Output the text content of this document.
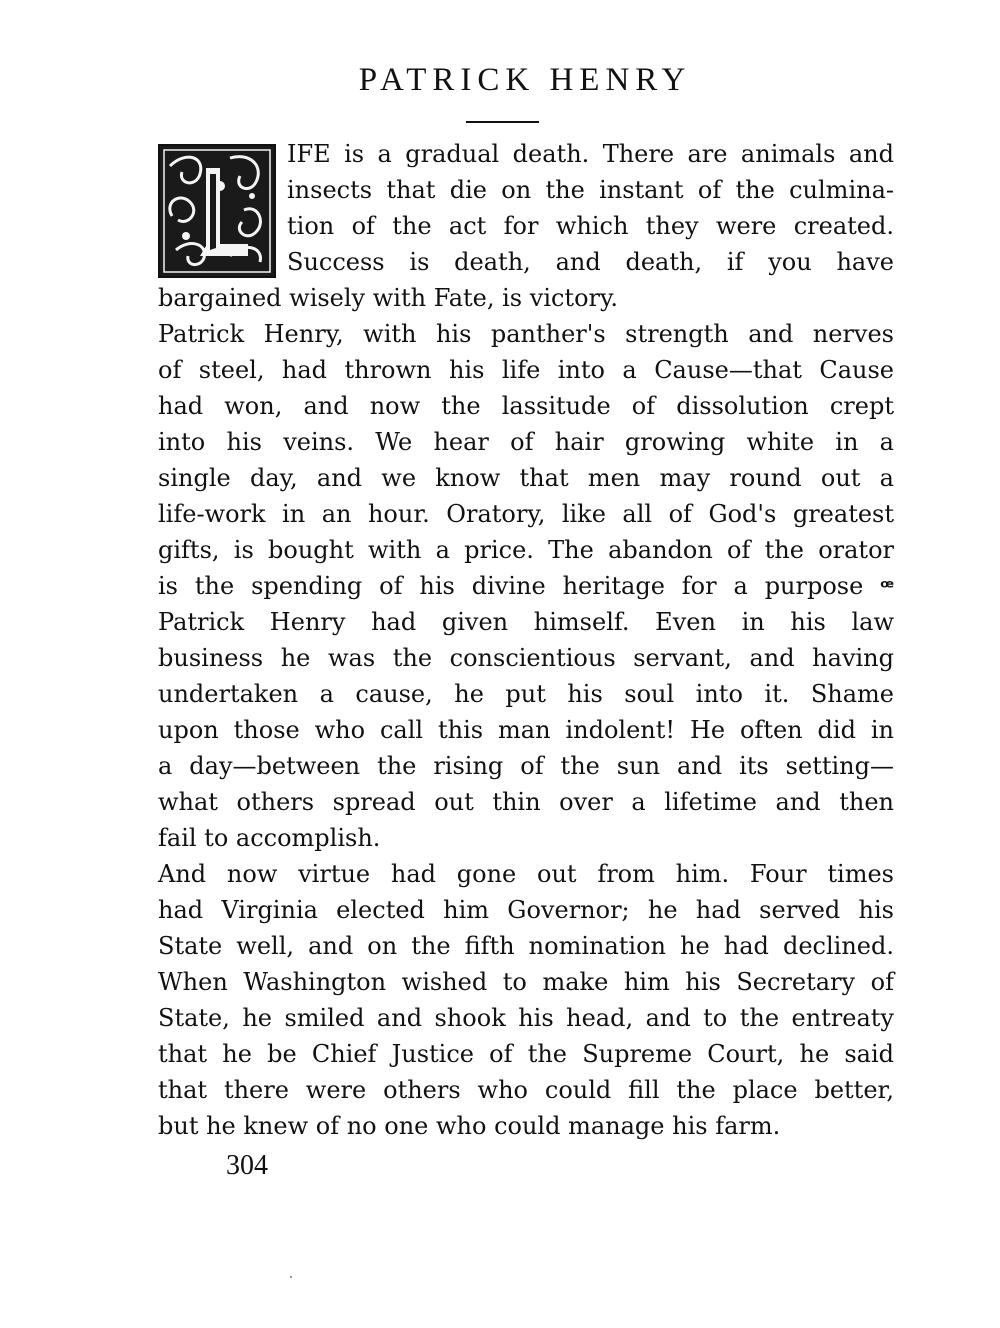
PATRICK HENRY
L
IFE is a gradual death. There are animals and
insects that die on the instant of the culmina-
tion of the act for which they were created.
Success is death, and death, if you have
bargained wisely with Fate, is victory.
Patrick Henry, with his panther's strength and nerves
of steel, had thrown his life into a Cause—that Cause
had won, and now the lassitude of dissolution crept
into his veins. We hear of hair growing white in a
single day, and we know that men may round out a
life-work in an hour. Oratory, like all of God's greatest
gifts, is bought with a price. The abandon of the orator
is the spending of his divine heritage for a purpose ꟹ
Patrick Henry had given himself. Even in his law
business he was the conscientious servant, and having
undertaken a cause, he put his soul into it. Shame
upon those who call this man indolent! He often did in
a day—between the rising of the sun and its setting—
what others spread out thin over a lifetime and then
fail to accomplish.
And now virtue had gone out from him. Four times
had Virginia elected him Governor; he had served his
State well, and on the fifth nomination he had declined.
When Washington wished to make him his Secretary of
State, he smiled and shook his head, and to the entreaty
that he be Chief Justice of the Supreme Court, he said
that there were others who could fill the place better,
but he knew of no one who could manage his farm.
304
